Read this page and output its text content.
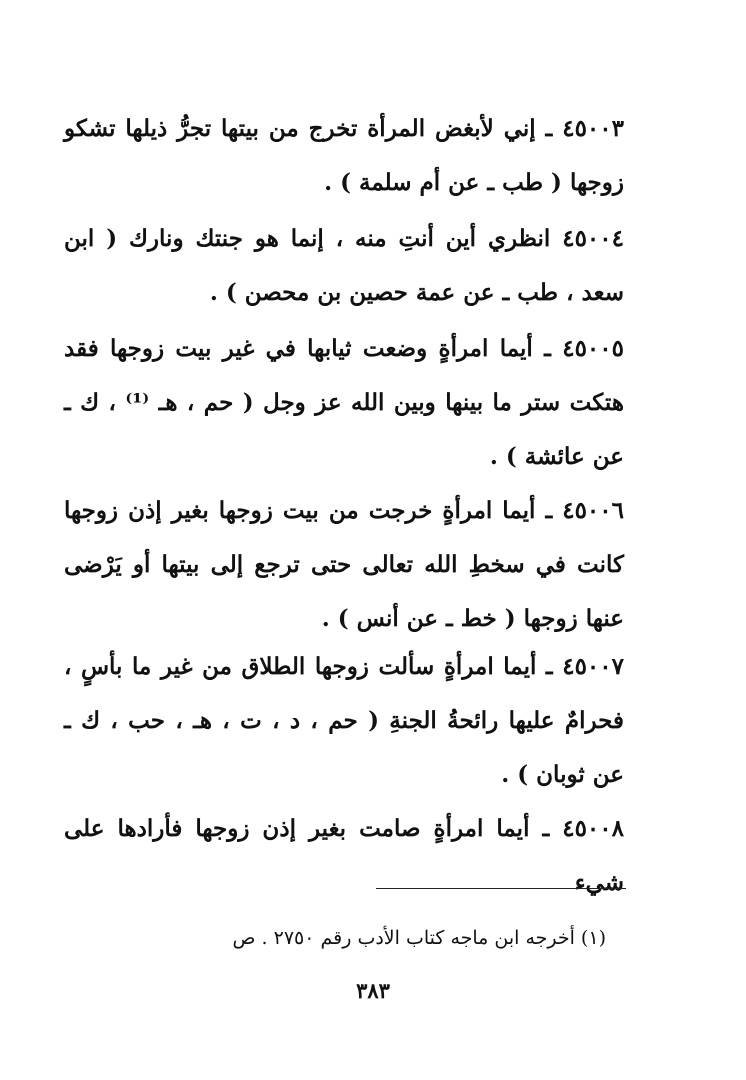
٤٥٠٠٣ ـ إني لأبغض المرأة تخرج من بيتها تجرُّ ذيلها تشكو زوجها ( طب ـ عن أم سلمة ) .

٤٥٠٠٤ انظري أين أنتِ منه ، إنما هو جنتك ونارك ( ابن سعد ، طب ـ عن عمة حصين بن محصن ) .

٤٥٠٠٥ ـ أيما امرأةٍ وضعت ثيابها في غير بيت زوجها فقد هتكت ستر ما بينها وبين الله عز وجل ( حم ، هـ ⁽¹⁾ ، ك ـ عن عائشة ) .

٤٥٠٠٦ ـ أيما امرأةٍ خرجت من بيت زوجها بغير إذن زوجها كانت في سخطِ الله تعالى حتى ترجع إلى بيتها أو يَرْضى عنها زوجها ( خط ـ عن أنس ) .

٤٥٠٠٧ ـ أيما امرأةٍ سألت زوجها الطلاق من غير ما بأسٍ ، فحرامٌ عليها رائحةُ الجنةِ ( حم ، د ، ت ، هـ ، حب ، ك ـ عن ثوبان ) .

٤٥٠٠٨ ـ أيما امرأةٍ صامت بغير إذن زوجها فأرادها على شيء

(١) أخرجه ابن ماجه كتاب الأدب رقم ٢٧٥٠ . ص
٣٨٣
